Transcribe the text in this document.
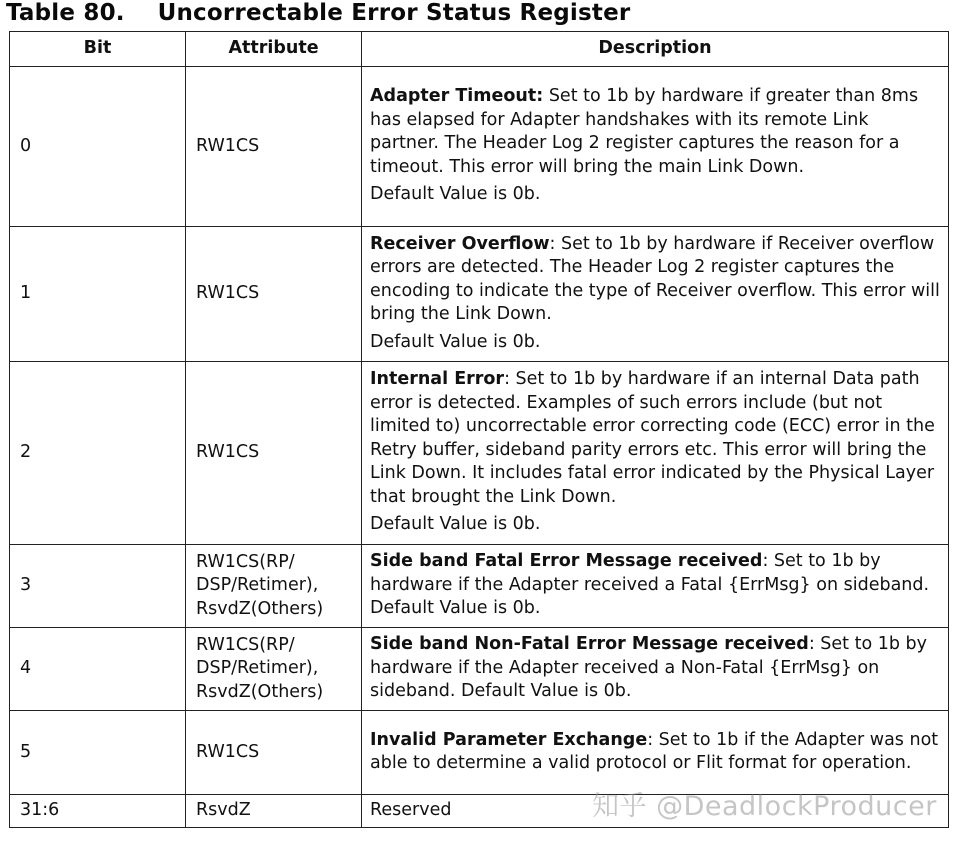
Table 80.    Uncorrectable Error Status Register
Bit	Attribute	Description
0	RW1CS	Adapter Timeout: Set to 1b by hardware if greater than 8ms has elapsed for Adapter handshakes with its remote Link partner. The Header Log 2 register captures the reason for a timeout. This error will bring the main Link Down.
Default Value is 0b.

1	RW1CS	Receiver Overflow: Set to 1b by hardware if Receiver overflow errors are detected. The Header Log 2 register captures the encoding to indicate the type of Receiver overflow. This error will bring the Link Down.
Default Value is 0b.

2	RW1CS	Internal Error: Set to 1b by hardware if an internal Data path error is detected. Examples of such errors include (but not limited to) uncorrectable error correcting code (ECC) error in the Retry buffer, sideband parity errors etc. This error will bring the Link Down. It includes fatal error indicated by the Physical Layer that brought the Link Down.
Default Value is 0b.

3	RW1CS(RP/ DSP/Retimer), RsvdZ(Others)	Side band Fatal Error Message received: Set to 1b by hardware if the Adapter received a Fatal {ErrMsg} on sideband. Default Value is 0b.
4	RW1CS(RP/ DSP/Retimer), RsvdZ(Others)	Side band Non-Fatal Error Message received: Set to 1b by hardware if the Adapter received a Non-Fatal {ErrMsg} on sideband. Default Value is 0b.
5	RW1CS	Invalid Parameter Exchange: Set to 1b if the Adapter was not able to determine a valid protocol or Flit format for operation.
31:6	RsvdZ	Reserved	知乎 @DeadlockProducer
